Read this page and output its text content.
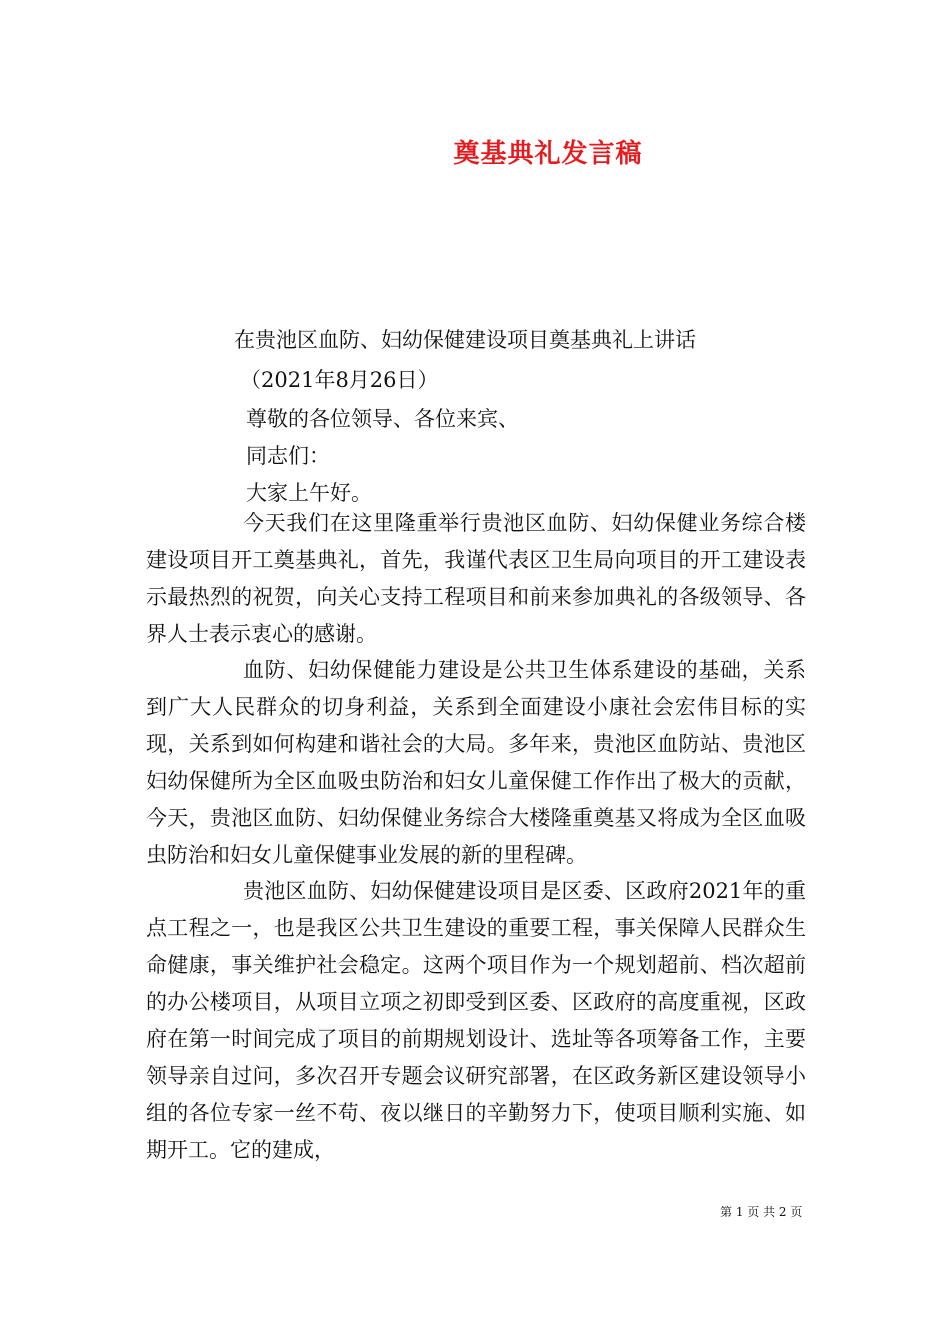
奠基典礼发言稿
在贵池区血防、妇幼保健建设项目奠基典礼上讲话
（2021年8月26日）
尊敬的各位领导、各位来宾、
同志们：
大家上午好。

今天我们在这里隆重举行贵池区血防、妇幼保健业务综合楼建设项目开工奠基典礼，首先，我谨代表区卫生局向项目的开工建设表示最热烈的祝贺，向关心支持工程项目和前来参加典礼的各级领导、各界人士表示衷心的感谢。

血防、妇幼保健能力建设是公共卫生体系建设的基础，关系到广大人民群众的切身利益，关系到全面建设小康社会宏伟目标的实现，关系到如何构建和谐社会的大局。多年来，贵池区血防站、贵池区妇幼保健所为全区血吸虫防治和妇女儿童保健工作作出了极大的贡献，今天，贵池区血防、妇幼保健业务综合大楼隆重奠基又将成为全区血吸虫防治和妇女儿童保健事业发展的新的里程碑。

贵池区血防、妇幼保健建设项目是区委、区政府2021年的重点工程之一，也是我区公共卫生建设的重要工程，事关保障人民群众生命健康，事关维护社会稳定。这两个项目作为一个规划超前、档次超前的办公楼项目，从项目立项之初即受到区委、区政府的高度重视，区政府在第一时间完成了项目的前期规划设计、选址等各项筹备工作，主要领导亲自过问，多次召开专题会议研究部署，在区政务新区建设领导小组的各位专家一丝不苟、夜以继日的辛勤努力下，使项目顺利实施、如期开工。它的建成，

第 1 页 共 2 页
